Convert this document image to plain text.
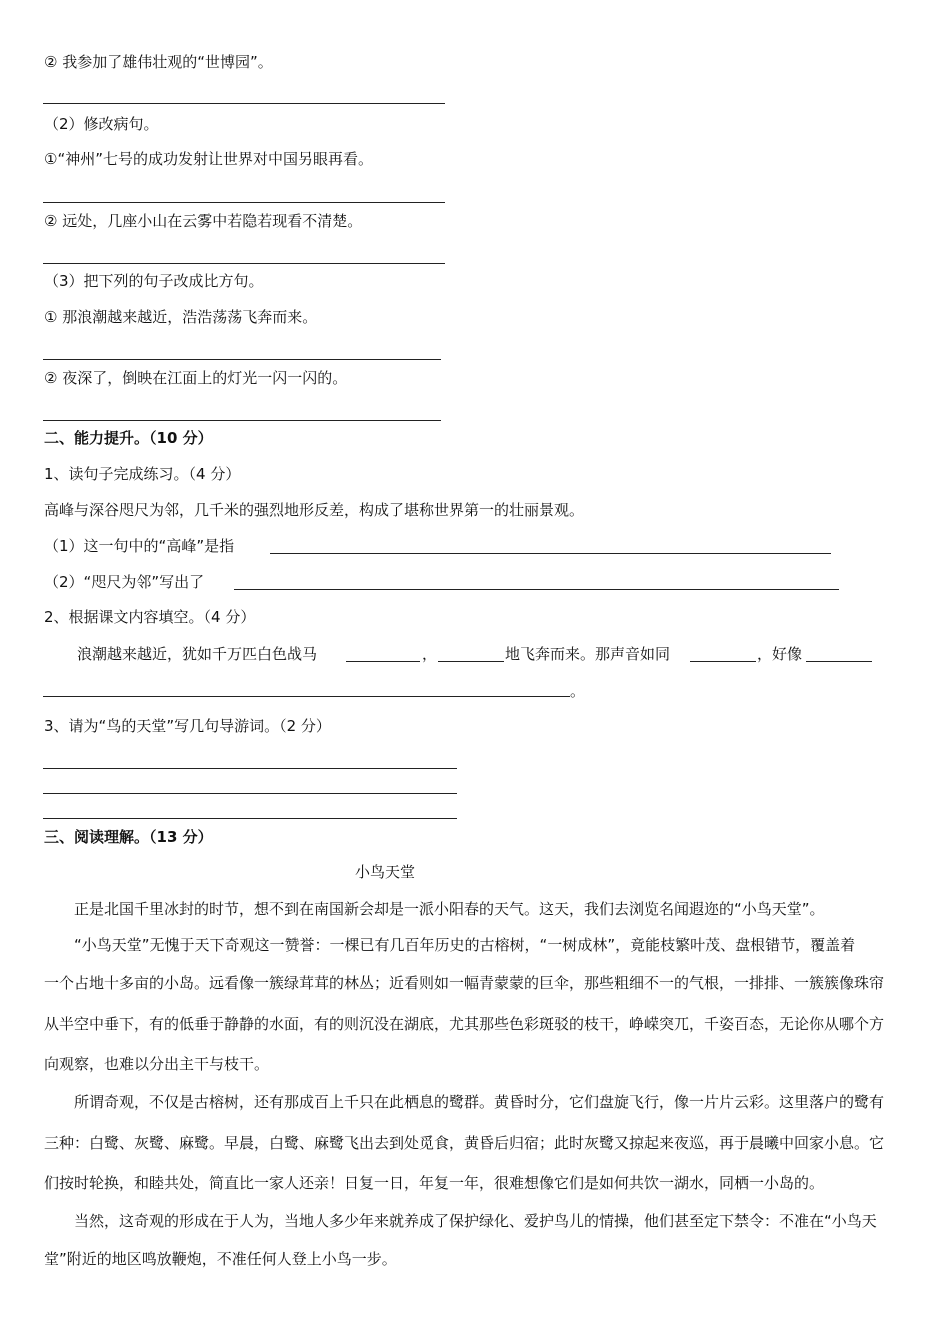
② 我参加了雄伟壮观的“世博园”。
（2）修改病句。
①“神州”七号的成功发射让世界对中国另眼再看。
② 远处，几座小山在云雾中若隐若现看不清楚。
（3）把下列的句子改成比方句。
① 那浪潮越来越近，浩浩荡荡飞奔而来。
② 夜深了，倒映在江面上的灯光一闪一闪的。
二、能力提升。（10 分）
1、读句子完成练习。（4 分）
高峰与深谷咫尺为邻，几千米的强烈地形反差，构成了堪称世界第一的壮丽景观。
（1）这一句中的“高峰”是指
（2）“咫尺为邻”写出了
2、根据课文内容填空。（4 分）
浪潮越来越近，犹如千万匹白色战马	，	地飞奔而来。那声音如同	，好像
。
3、请为“鸟的天堂”写几句导游词。（2 分）
三、阅读理解。（13 分）
小鸟天堂
正是北国千里冰封的时节，想不到在南国新会却是一派小阳春的天气。这天，我们去浏览名闻遐迩的“小鸟天堂”。
“小鸟天堂”无愧于天下奇观这一赞誉：一棵已有几百年历史的古榕树，“一树成林”，竟能枝繁叶茂、盘根错节，覆盖着
一个占地十多亩的小岛。远看像一簇绿茸茸的林丛；近看则如一幅青蒙蒙的巨伞，那些粗细不一的气根，一排排、一簇簇像珠帘
从半空中垂下，有的低垂于静静的水面，有的则沉没在湖底，尤其那些色彩斑驳的枝干，峥嵘突兀，千姿百态，无论你从哪个方
向观察，也难以分出主干与枝干。
所谓奇观，不仅是古榕树，还有那成百上千只在此栖息的鹭群。黄昏时分，它们盘旋飞行，像一片片云彩。这里落户的鹭有
三种：白鹭、灰鹭、麻鹭。早晨，白鹭、麻鹭飞出去到处觅食，黄昏后归宿；此时灰鹭又掠起来夜巡，再于晨曦中回家小息。它
们按时轮换，和睦共处，简直比一家人还亲！日复一日，年复一年，很难想像它们是如何共饮一湖水，同栖一小岛的。
当然，这奇观的形成在于人为，当地人多少年来就养成了保护绿化、爱护鸟儿的情操，他们甚至定下禁令：不准在“小鸟天
堂”附近的地区鸣放鞭炮，不准任何人登上小鸟一步。
